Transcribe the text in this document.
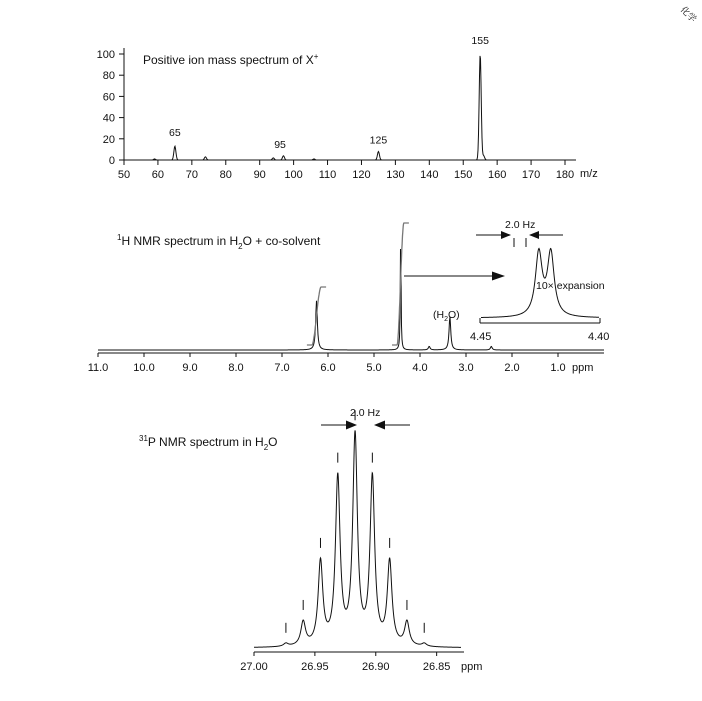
化学
Positive ion mass spectrum of X+
0
20
40
60
80
100
50 60 70 80 90 100 110 120 130 140 150 160 170 180
65
95	125
155
m/z
$^1$H NMR spectrum in $H_2O$ + co-solvent
11.0 10.0	9.0	8.0	7.0	6.0	5.0	4.0	3.0	2.0	1.0
$(H_2O)$
ppm
4.45	4.40
10× expansion
2.0 Hz
$^{31}$P NMR spectrum in $H_2O$
27.00	26.95	26.90	26.85 ppm
2.0 Hz
